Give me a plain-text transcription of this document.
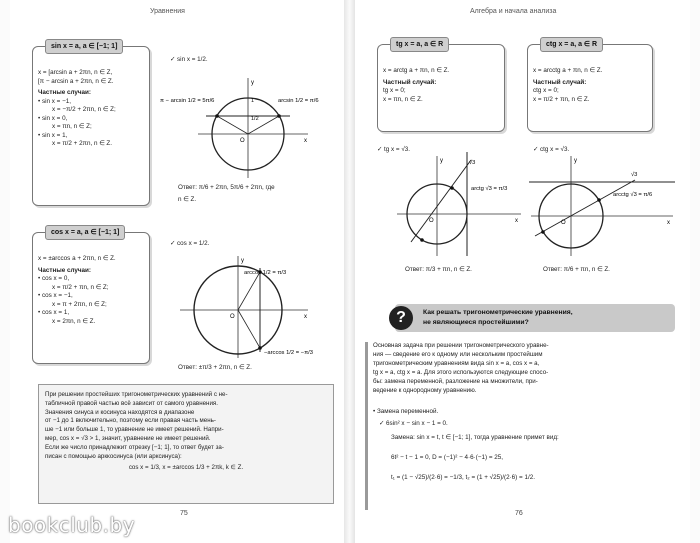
Уравнения
sin x = a, a ∈ [−1; 1]
x = [arcsin a + 2πn, n ∈ Z,
[π − arcsin a + 2πn, n ∈ Z.
Частные случаи:
• sin x = −1,
x = −π/2 + 2πn, n ∈ Z;
• sin x = 0,
x = πn, n ∈ Z;
• sin x = 1,
x = π/2 + 2πn, n ∈ Z.
✓ sin x = 1/2.
π − arcsin 1/2 = 5π/6	arcsin 1/2 = π/6
y
x
O
1
1/2
Ответ: π/6 + 2πn, 5π/6 + 2πn, где
n ∈ Z.
cos x = a, a ∈ [−1; 1]
x = ±arccos a + 2πn, n ∈ Z.
Частные случаи:
• cos x = 0,
x = π/2 + πn, n ∈ Z;
• cos x = −1,
x = π + 2πn, n ∈ Z;
• cos x = 1,
x = 2πn, n ∈ Z.
✓ cos x = 1/2.
arccos 1/2 = π/3
−arccos 1/2 = −π/3
y
x
O
Ответ: ±π/3 + 2πn, n ∈ Z.
При решении простейших тригонометрических уравнений с не-
табличной правой частью всё зависит от самого уравнения.
Значения синуса и косинуса находятся в диапазоне
от −1 до 1 включительно, поэтому если правая часть мень-
ше −1 или больше 1, то уравнение не имеет решений. Напри-
мер, cos x = √3 > 1, значит, уравнение не имеет решений.
Если же число принадлежит отрезку [−1; 1], то ответ будет за-
писан с помощью арккосинуса (или арксинуса):
cos x = 1/3, x = ±arccos 1/3 + 2πk, k ∈ Z.
75
Алгебра и начала анализа
tg x = a, a ∈ R
x = arctg a + πn, n ∈ Z.
Частный случай:
tg x = 0;
x = πn, n ∈ Z.
ctg x = a, a ∈ R
x = arcctg a + πn, n ∈ Z.
Частный случай:
ctg x = 0;
x = π/2 + πn, n ∈ Z.
✓ tg x = √3.
√3
arctg √3 = π/3
y
x
O
Ответ: π/3 + πn, n ∈ Z.
✓ ctg x = √3.
√3
arcctg √3 = π/6
y
x
O
Ответ: π/6 + πn, n ∈ Z.
?	Как решать тригонометрические уравнения,
не являющиеся простейшими?
Основная задача при решении тригонометрического уравне-
ния — сведение его к одному или нескольким простейшим
тригонометрическим уравнениям вида sin x = a, cos x = a,
tg x = a, ctg x = a. Для этого используются следующие спосо-
бы: замена переменной, разложение на множители, при-
ведение к однородному уравнению.
• Замена переменной.
✓ 6sin² x − sin x − 1 = 0.
Замена: sin x = t, t ∈ [−1; 1], тогда уравнение примет вид:
6t² − t − 1 = 0, D = (−1)² − 4·6·(−1) = 25,
t₁ = (1 − √25)/(2·6) = −1/3, t₂ = (1 + √25)/(2·6) = 1/2.
76
bookclub.by
